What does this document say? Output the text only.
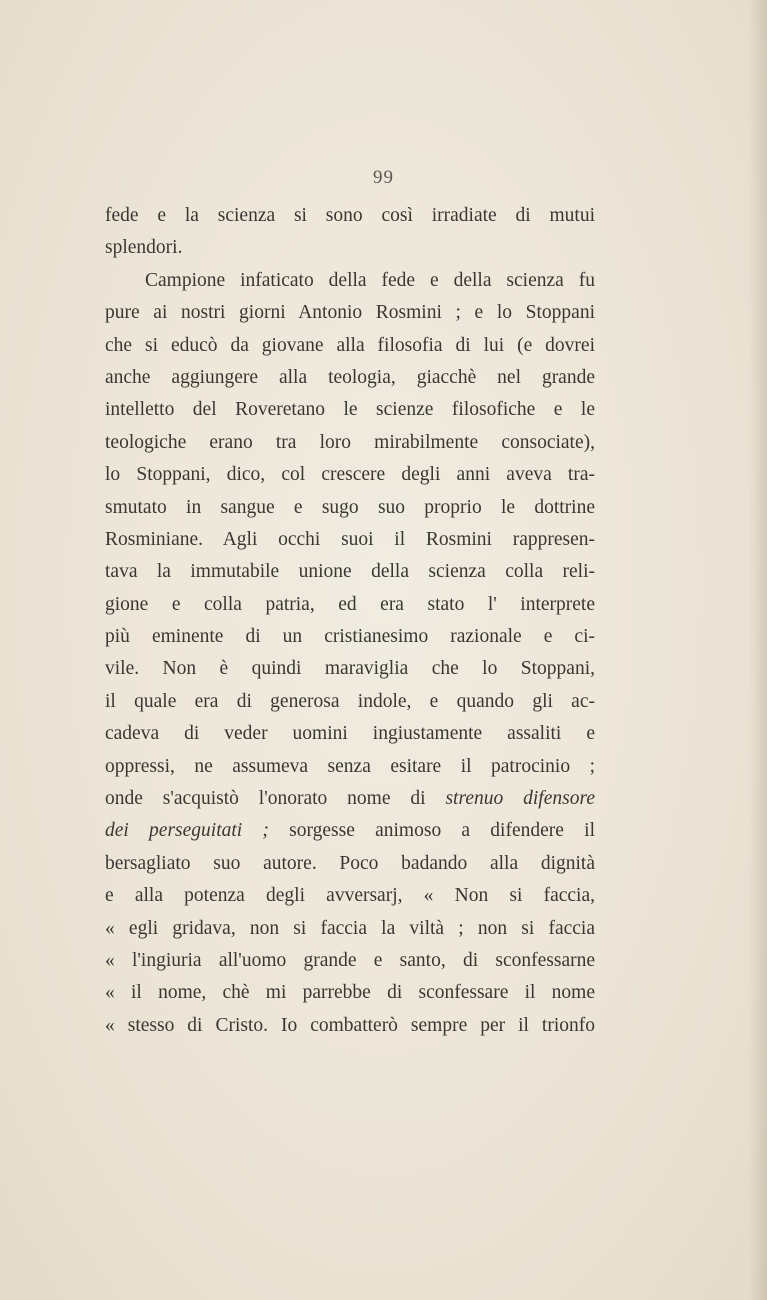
99
fede e la scienza si sono così irradiate di mutui
splendori.
Campione infaticato della fede e della scienza fu
pure ai nostri giorni Antonio Rosmini ; e lo Stoppani
che si educò da giovane alla filosofia di lui (e dovrei
anche aggiungere alla teologia, giacchè nel grande
intelletto del Roveretano le scienze filosofiche e le
teologiche erano tra loro mirabilmente consociate),
lo Stoppani, dico, col crescere degli anni aveva tra-
smutato in sangue e sugo suo proprio le dottrine
Rosminiane. Agli occhi suoi il Rosmini rappresen-
tava la immutabile unione della scienza colla reli-
gione e colla patria, ed era stato l' interprete
più eminente di un cristianesimo razionale e ci-
vile. Non è quindi maraviglia che lo Stoppani,
il quale era di generosa indole, e quando gli ac-
cadeva di veder uomini ingiustamente assaliti e
oppressi, ne assumeva senza esitare il patrocinio ;
onde s'acquistò l'onorato nome di strenuo difensore
dei perseguitati ; sorgesse animoso a difendere il
bersagliato suo autore. Poco badando alla dignità
e alla potenza degli avversarj, « Non si faccia,
« egli gridava, non si faccia la viltà ; non si faccia
« l'ingiuria all'uomo grande e santo, di sconfessarne
« il nome, chè mi parrebbe di sconfessare il nome
« stesso di Cristo. Io combatterò sempre per il trionfo
